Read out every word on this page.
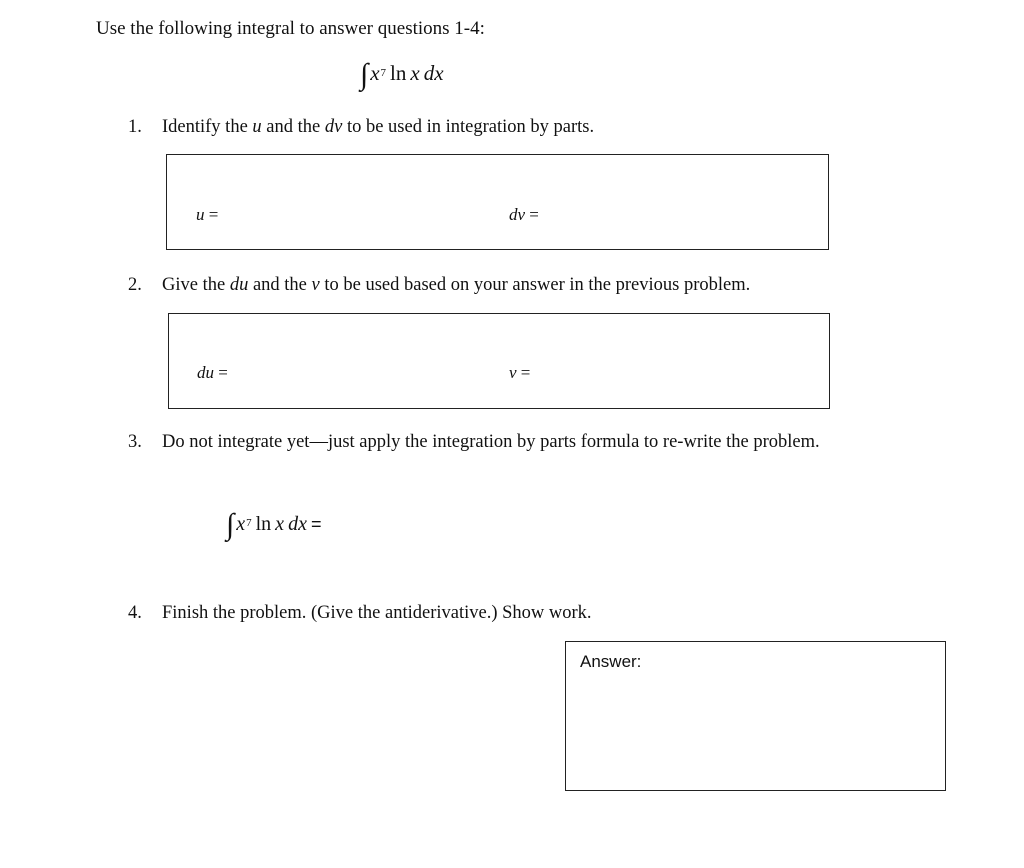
Use the following integral to answer questions 1-4:
∫ $x^7$ ln x dx
1. Identify the u and the dv to be used in integration by parts.
u =	dv =
2. Give the du and the v to be used based on your answer in the previous problem.
du =	v =
3. Do not integrate yet—just apply the integration by parts formula to re-write the problem.
∫ $x^7$ ln x dx =
4. Finish the problem. (Give the antiderivative.) Show work.
Answer:
